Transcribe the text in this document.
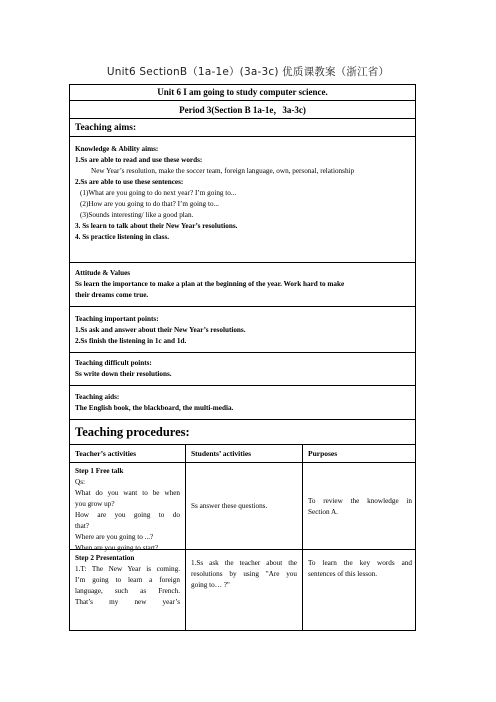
Unit6 SectionB（1a-1e）(3a-3c) 优质课教案（浙江省）
Unit 6 I am going to study computer science.
Period 3(Section B 1a-1e，3a-3c)
Teaching aims:
Knowledge & Ability aims:
1.Ss are able to read and use these words:
New Year’s resolution, make the soccer team, foreign language, own, personal, relationship
2.Ss are able to use these sentences:
(1)What are you going to do next year? I’m going to...
(2)How are you going to do that? I’m going to...
(3)Sounds interesting/ like a good plan.
3. Ss learn to talk about their New Year’s resolutions.
4. Ss practice listening in class.
Attitude & Values
Ss learn the importance to make a plan at the beginning of the year. Work hard to make
their dreams come true.
Teaching important points:
1.Ss ask and answer about their New Year’s resolutions.
2.Ss finish the listening in 1c and 1d.
Teaching difficult points:
Ss write down their resolutions.
Teaching aids:
The English book, the blackboard, the multi-media.
Teaching procedures:
Teacher’s activities	Students’ activities	Purposes
Step 1 Free talk
Qs:
What do you want to be when
you grow up?
How are you going to do
that?
Where are you going to ...?
When are you going to start?
Ss answer these questions.
To review the knowledge in
Section A.
Step 2 Presentation
1.T: The New Year is coming.
I’m going to learn a foreign
language, such as French.
That’s my new year’s
1.Ss ask the teacher about the
resolutions by using "Are you
going to… ?"
To learn the key words and
sentences of this lesson.
